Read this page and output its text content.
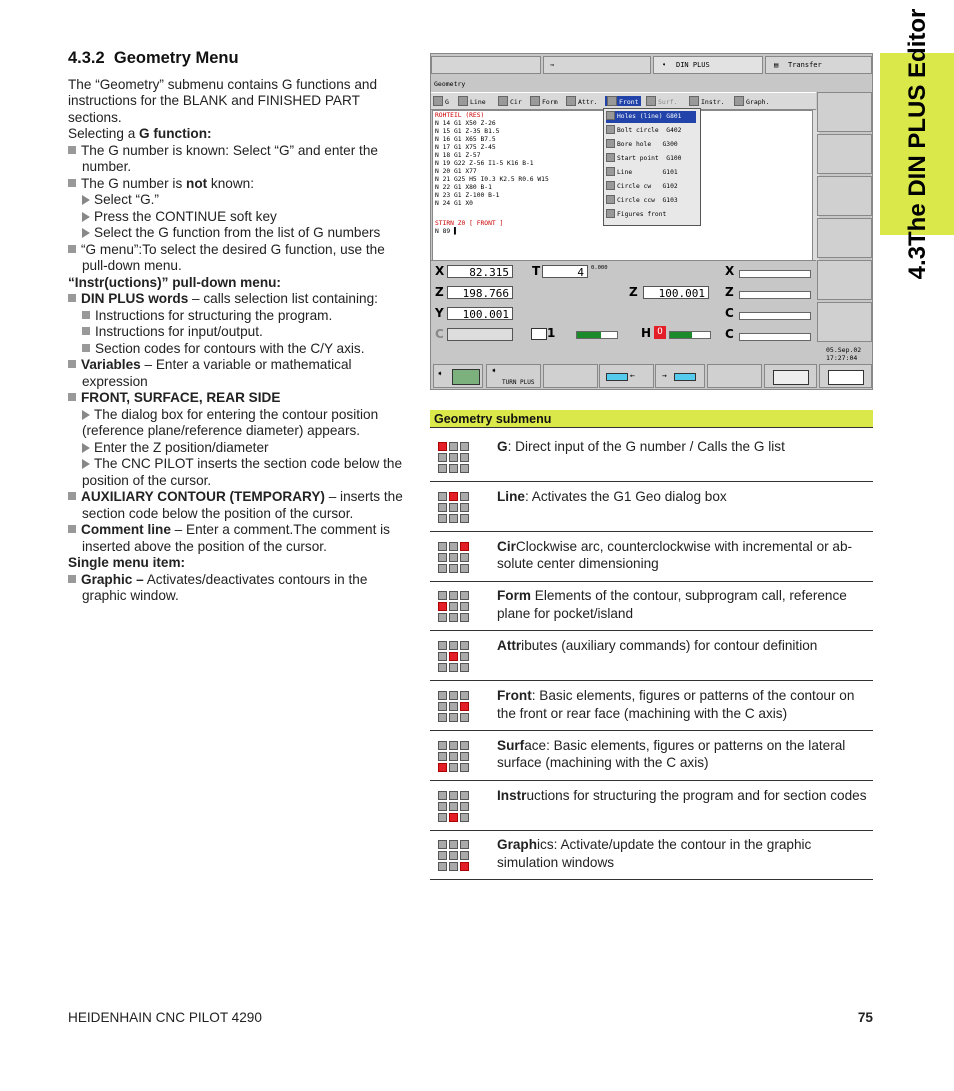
4.3.2 Geometry Menu

The “Geometry” submenu contains G functions and instructions for the BLANK and FINISHED PART sections.

Selecting a G function:

The G number is known: Select “G” and enter the number.

The G number is not known:

Select “G.”

Press the CONTINUE soft key

Select the G function from the list of G numbers

“G menu”:To select the desired G function, use the pull-down menu.

“Instr(uctions)” pull-down menu:

DIN PLUS words – calls selection list containing:

Instructions for structuring the program.

Instructions for input/output.

Section codes for contours with the C/Y axis.

Variables – Enter a variable or mathematical expression

FRONT, SURFACE, REAR SIDE

The dialog box for entering the contour position (reference plane/reference diameter) appears.

Enter the Z position/diameter

The CNC PILOT inserts the section code below the position of the cursor.

AUXILIARY CONTOUR (TEMPORARY) – inserts the section code below the position of the cursor.

Comment line – Enter a comment.The comment is inserted above the position of the cursor.

Single menu item:

Graphic – Activates/deactivates contours in the graphic window.

4.3The DIN PLUS Editor
⇒	➧ DIN PLUS	▤ Transfer
Geometry
G	Line	Cir	Form	Attr.	Front	Surf.	Instr.	Graph.
ROHTEIL (RES)
N 14 G1 X50 Z-26
N 15 G1 Z-35 B1.5
N 16 G1 X65 B7.5
N 17 G1 X75 Z-45
N 18 G1 Z-57
N 19 G22 Z-56 I1-5 K16 B-1
N 20 G1 X77
N 21 G25 H5 I0.3 K2.5 R0.6 W15
N 22 G1 X80 B-1
N 23 G1 Z-100 B-1
N 24 G1 X0
STIRN Z0 [ FRONT ]
N 89 ▌
Holes (line) G801
Bolt circle G402
Bore hole G300
Start point G100
Line	G101
Circle cw G102
Circle ccw G103
Figures front
X	82.315
Z	198.766
Y	100.001
C
T	4	0.000
Z	100.001
X
Z
C
C
1	H O
05.Sep.02
17:27:04
➧	➧
TURN PLUS
←	→
Geometry submenu
G: Direct input of the G number / Calls the G list
Line: Activates the G1 Geo dialog box
CirClockwise arc, counterclockwise with incremental or ab-solute center dimensioning
Form Elements of the contour, subprogram call, reference plane for pocket/island
Attributes (auxiliary commands) for contour definition
Front: Basic elements, figures or patterns of the contour on the front or rear face (machining with the C axis)
Surface: Basic elements, figures or patterns on the lateral surface (machining with the C axis)
Instructions for structuring the program and for section codes
Graphics: Activate/update the contour in the graphic simulation windows
HEIDENHAIN CNC PILOT 4290	75
